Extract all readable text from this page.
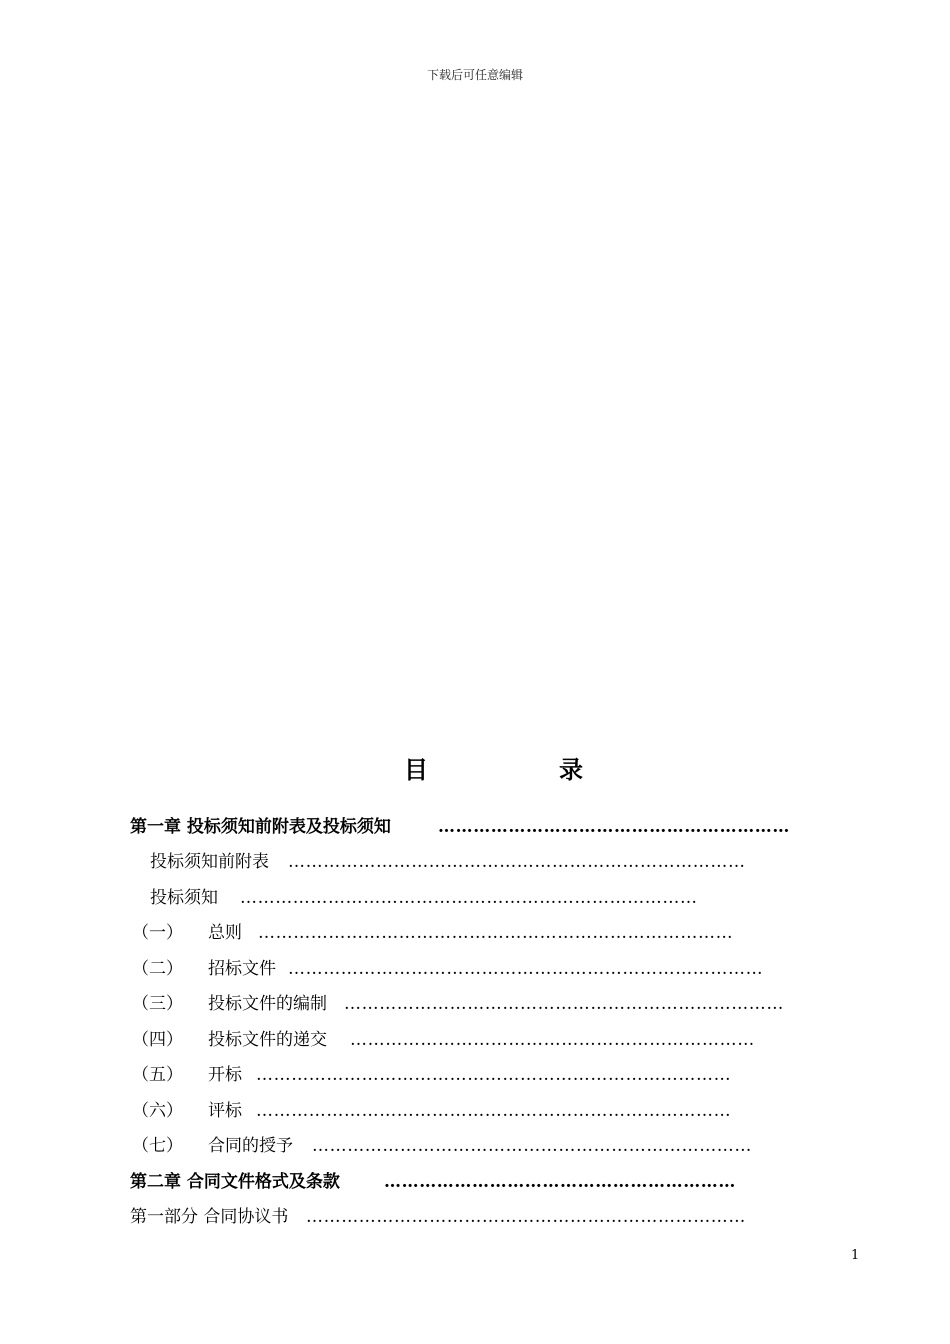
下载后可任意编辑
目	录
第一章 投标须知前附表及投标须知	……………………………………………………
投标须知前附表 ……………………………………………………………………
投标须知 ……………………………………………………………………
（一） 总则 ………………………………………………………………………
（二） 招标文件 ………………………………………………………………………
（三） 投标文件的编制 …………………………………………………………………
（四） 投标文件的递交 ……………………………………………………………
（五） 开标 ………………………………………………………………………
（六） 评标 ………………………………………………………………………
（七） 合同的授予 …………………………………………………………………
第二章 合同文件格式及条款	……………………………………………………
第一部分 合同协议书 …………………………………………………………………
1
